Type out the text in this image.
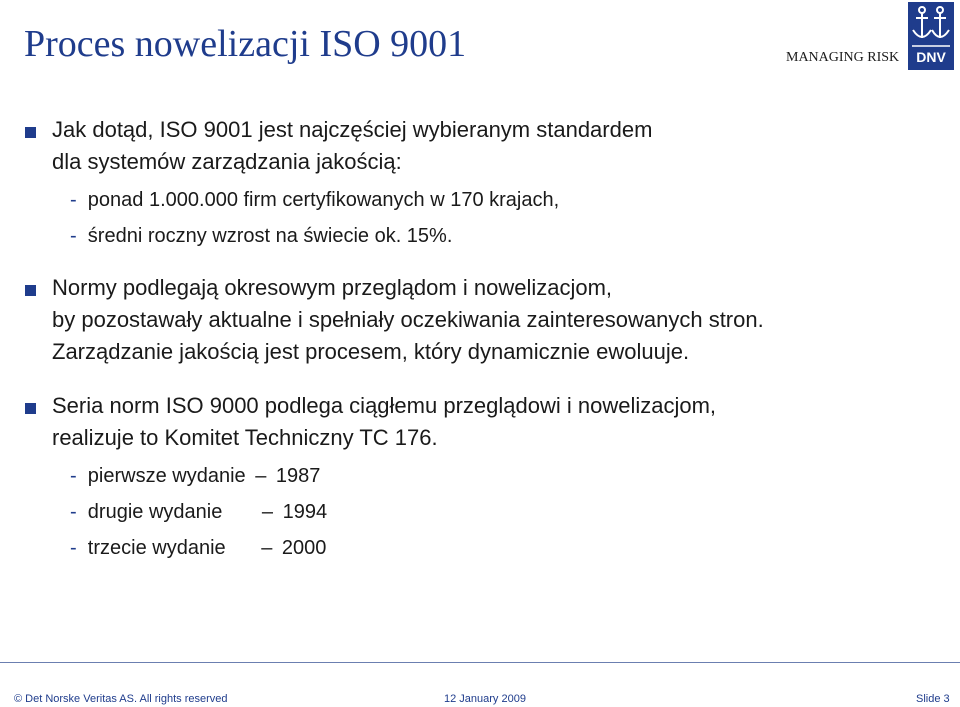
Proces nowelizacji ISO 9001	MANAGING RISK DNV
Jak dotąd, ISO 9001 jest najczęściej wybieranym standardem
dla systemów zarządzania jakością:
- ponad 1.000.000 firm certyfikowanych w 170 krajach,
- średni roczny wzrost na świecie ok. 15%.
Normy podlegają okresowym przeglądom i nowelizacjom,
by pozostawały aktualne i spełniały oczekiwania zainteresowanych stron.
Zarządzanie jakością jest procesem, który dynamicznie ewoluuje.
Seria norm ISO 9000 podlega ciągłemu przeglądowi i nowelizacjom,
realizuje to Komitet Techniczny TC 176.
- pierwsze wydanie – 1987
- drugie wydanie – 1994
- trzecie wydanie – 2000
© Det Norske Veritas AS. All rights reserved	12 January 2009	Slide 3
